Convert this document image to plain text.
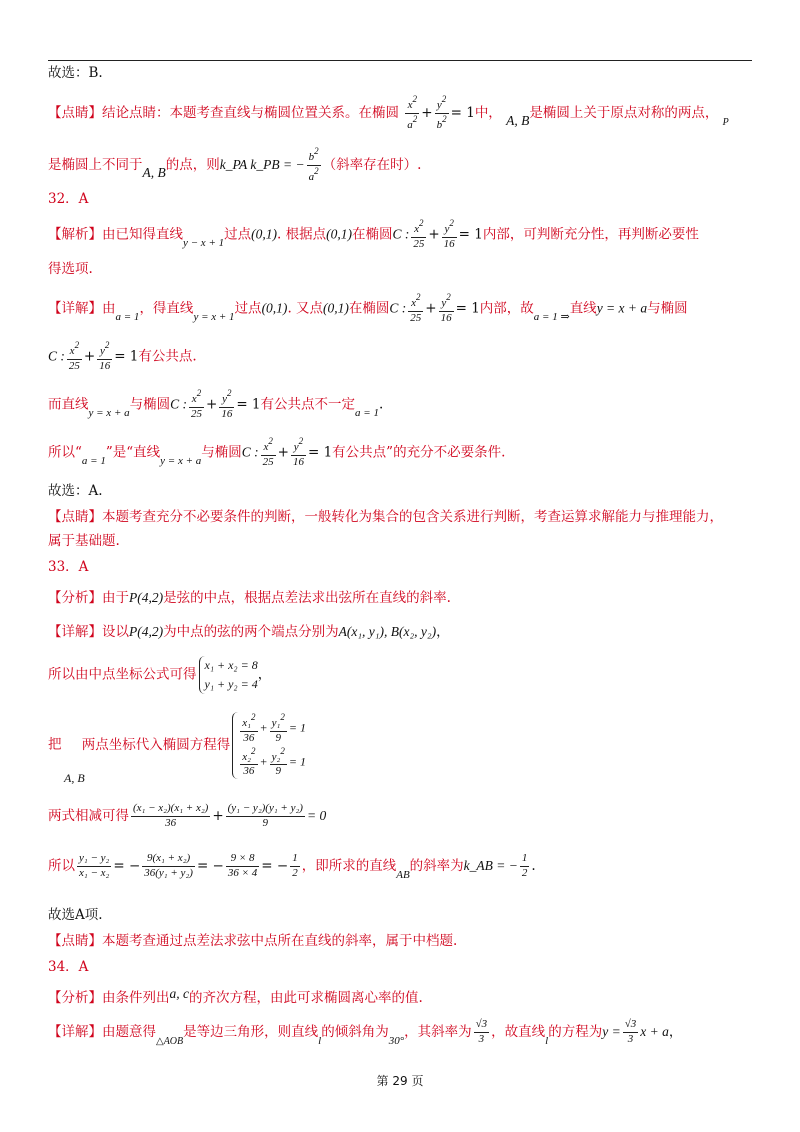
故选：B.
【点睛】结论点睛：本题考查直线与椭圆位置关系。在椭圆 $\frac{x^2}{a^2} + \frac{y^2}{b^2} = 1$中， A, B是椭圆上关于原点对称的两点， P
是椭圆上不同于A, B的点，则k_PA k_PB = − $\frac{b^2}{a^2}$ （斜率存在时）.
32．A
【解析】由已知得直线y − x + 1过点(0,1). 根据点(0,1)在椭圆C : $\frac{x^2}{25} + \frac{y^2}{16} = 1$内部，可判断充分性，再判断必要性
得选项.
【详解】由a = 1，得直线y = x + 1过点(0,1). 又点(0,1)在椭圆C : $\frac{x^2}{25} + \frac{y^2}{16} = 1$内部，故a = 1 ⇒直线y = x + a与椭圆
C : $\frac{x^2}{25} + \frac{y^2}{16} = 1$有公共点.
而直线y = x + a与椭圆C : $\frac{x^2}{25} + \frac{y^2}{16} = 1$有公共点不一定a = 1.
所以“a = 1”是“直线y = x + a与椭圆C : $\frac{x^2}{25} + \frac{y^2}{16} = 1$有公共点”的充分不必要条件.
故选：A.
【点睛】本题考查充分不必要条件的判断，一般转化为集合的包含关系进行判断，考查运算求解能力与推理能力，
属于基础题.
33．A
【分析】由于P(4,2)是弦的中点，根据点差法求出弦所在直线的斜率.
【详解】设以P(4,2)为中点的弦的两个端点分别为A(x₁, y₁), B(x₂, y₂)，
所以由中点坐标公式可得
x₁ + x₂ = 8
y₁ + y₂ = 4
，
把
A, B
两点坐标代入椭圆方程得 $\frac{x_1^2}{36} + \frac{y_1^2}{9} = 1$
$\frac{x_2^2}{36} + \frac{y_2^2}{9} = 1$
两式相减可得 $\frac{\text{(x₁ − x₂)(x₁ + x₂)}}{36} + \frac{\text{(y₁ − y₂)(y₁ + y₂)}}{9} = 0$
所以 $\frac{\text{y₁ − y₂}}{\text{x₁ − x₂}}$ = − $\frac{\text{9(x₁ + x₂)}}{\text{36(y₁ + y₂)}}$ = − $\frac{9 \times 8}{36 \times 4}$ = − $\frac{1}{2}$ ，即所求的直线AB的斜率为k_AB = − $\frac{1}{2}$ .
故选A项.
【点睛】本题考查通过点差法求弦中点所在直线的斜率，属于中档题.
34．A
【分析】由条件列出a, c的齐次方程，由此可求椭圆离心率的值.
【详解】由题意得△AOB是等边三角形，则直线l的倾斜角为30°，其斜率为 $\frac{√3}{3}$ ，故直线l的方程为$y = \frac{√3}{3}$ x + a，
第 29 页
